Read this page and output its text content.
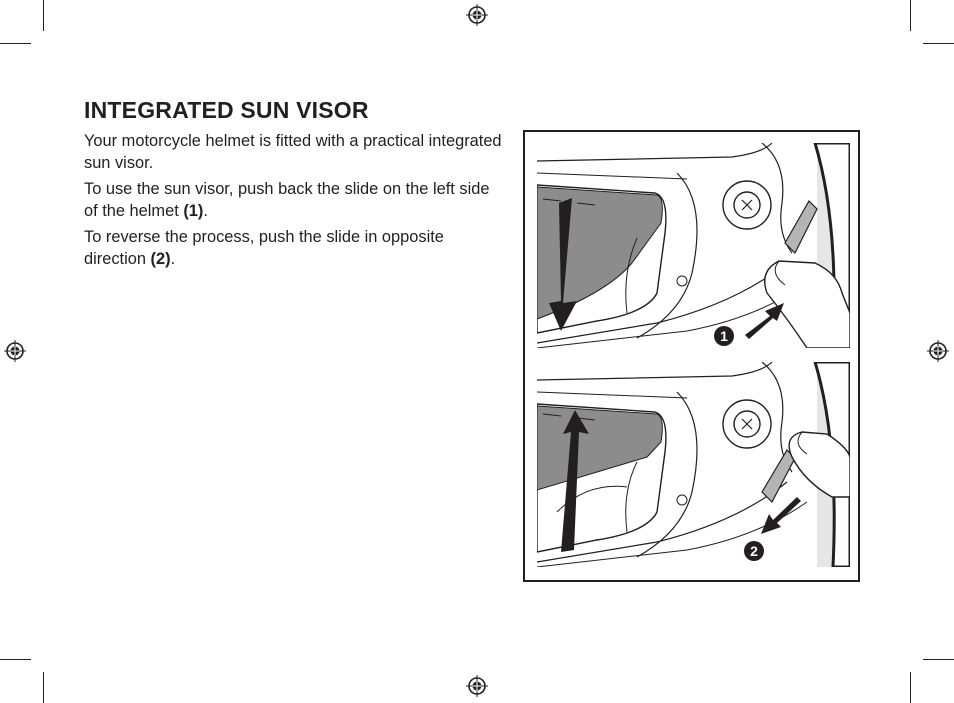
INTEGRATED SUN VISOR

Your motorcycle helmet is fitted with a practical integrated sun visor.

To use the sun visor, push back the slide on the left side of the helmet (1).

To reverse the process, push the slide in opposite direction (2).

1
2
